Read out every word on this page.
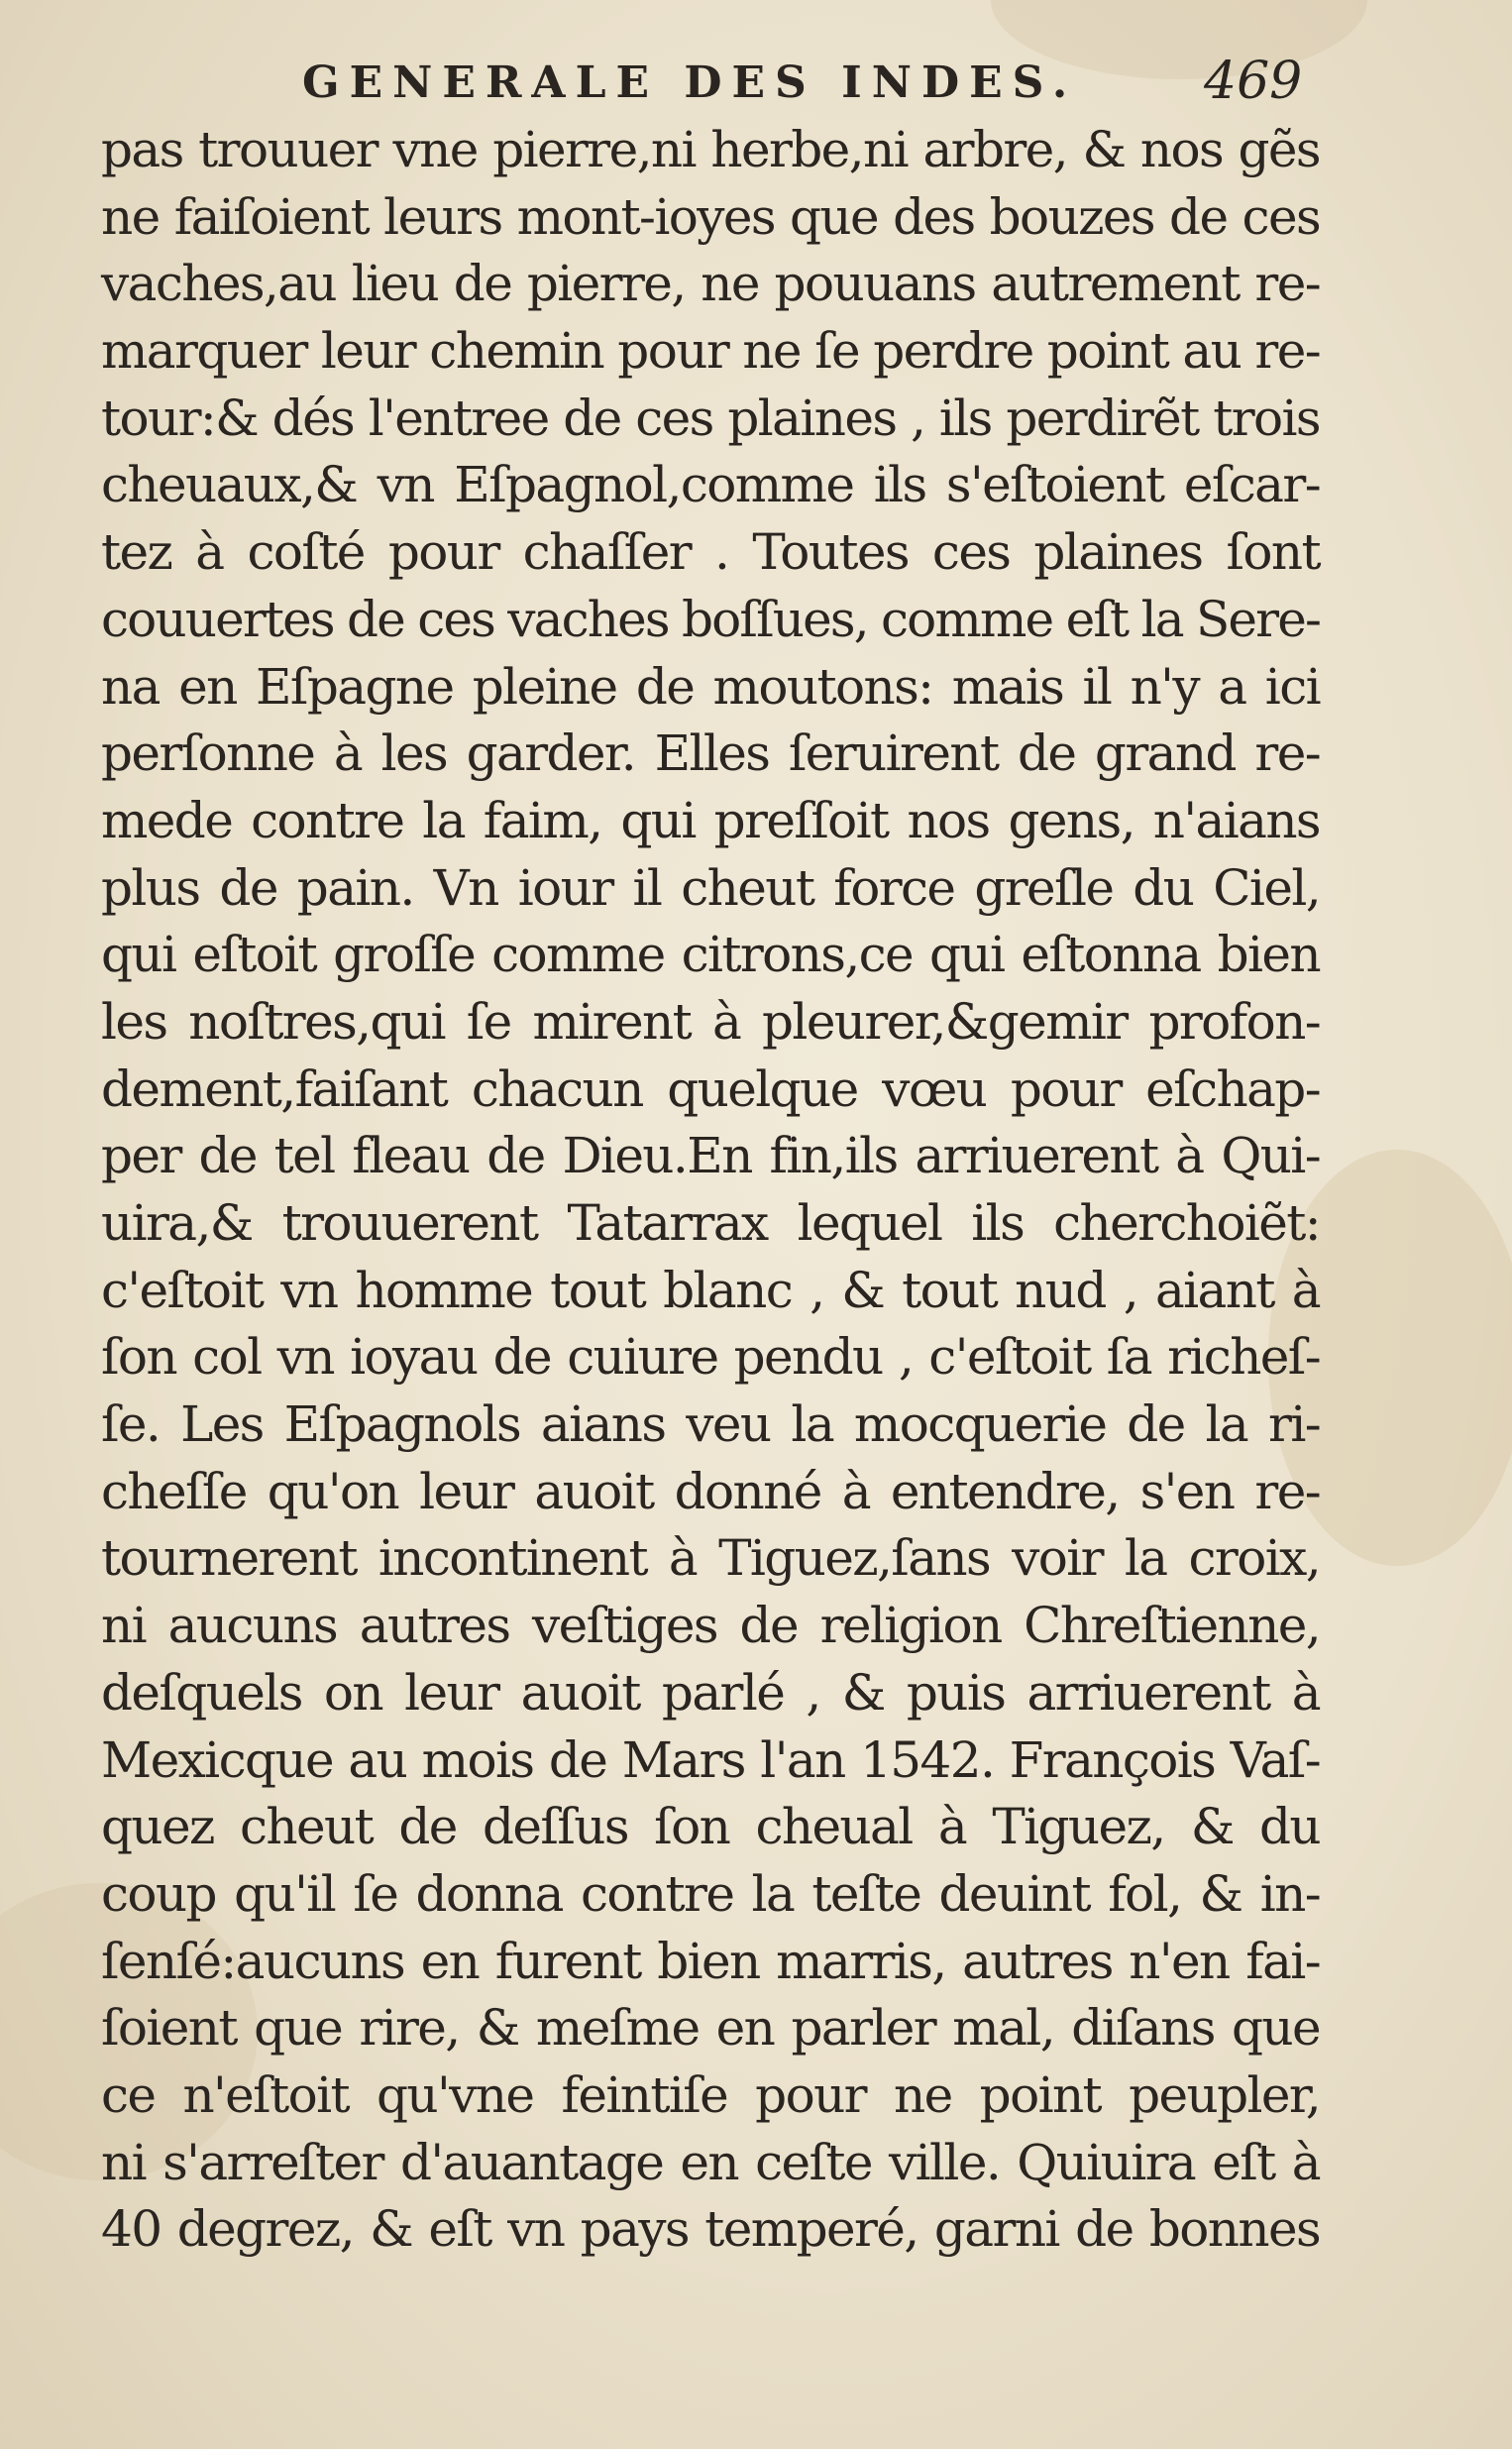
GENERALE DES INDES. 469
pas trouuer vne pierre,ni herbe,ni arbre, & nos gẽs
ne faiſoient leurs mont-ioyes que des bouzes de ces
vaches,au lieu de pierre, ne pouuans autrement re-
marquer leur chemin pour ne ſe perdre point au re-
tour:& dés l'entree de ces plaines , ils perdirẽt trois
cheuaux,& vn Eſpagnol,comme ils s'eſtoient eſcar-
tez à coſté pour chaſſer . Toutes ces plaines ſont
couuertes de ces vaches boſſues, comme eſt la Sere-
na en Eſpagne pleine de moutons: mais il n'y a ici
perſonne à les garder. Elles ſeruirent de grand re-
mede contre la faim, qui preſſoit nos gens, n'aians
plus de pain. Vn iour il cheut force greſle du Ciel,
qui eſtoit groſſe comme citrons,ce qui eſtonna bien
les noſtres,qui ſe mirent à pleurer,&gemir profon-
dement,faiſant chacun quelque vœu pour eſchap-
per de tel fleau de Dieu.En fin,ils arriuerent à Qui-
uira,& trouuerent Tatarrax lequel ils cherchoiẽt:
c'eſtoit vn homme tout blanc , & tout nud , aiant à
ſon col vn ioyau de cuiure pendu , c'eſtoit ſa richeſ-
ſe. Les Eſpagnols aians veu la mocquerie de la ri-
cheſſe qu'on leur auoit donné à entendre, s'en re-
tournerent incontinent à Tiguez,ſans voir la croix,
ni aucuns autres veſtiges de religion Chreſtienne,
deſquels on leur auoit parlé , & puis arriuerent à
Mexicque au mois de Mars l'an 1542. François Vaſ-
quez cheut de deſſus ſon cheual à Tiguez, & du
coup qu'il ſe donna contre la teſte deuint fol, & in-
ſenſé:aucuns en furent bien marris, autres n'en fai-
ſoient que rire, & meſme en parler mal, diſans que
ce n'eſtoit qu'vne feintiſe pour ne point peupler,
ni s'arreſter d'auantage en ceſte ville. Quiuira eſt à
40 degrez, & eſt vn pays temperé, garni de bonnes
